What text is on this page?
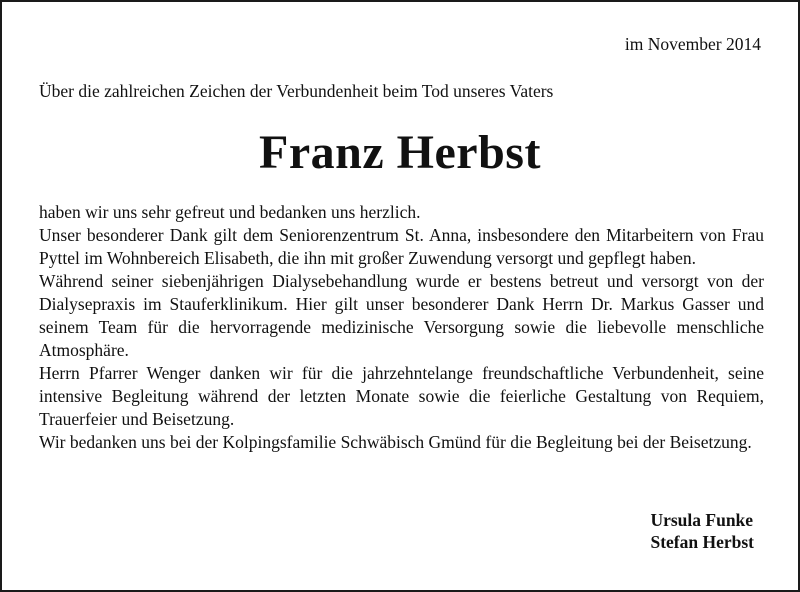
im November 2014
Über die zahlreichen Zeichen der Verbundenheit beim Tod unseres Vaters
Franz Herbst

haben wir uns sehr gefreut und bedanken uns herzlich.

Unser besonderer Dank gilt dem Seniorenzentrum St. Anna, insbesondere den Mitarbeitern von Frau Pyttel im Wohnbereich Elisabeth, die ihn mit großer Zuwendung versorgt und gepflegt haben.

Während seiner siebenjährigen Dialysebehandlung wurde er bestens betreut und versorgt von der Dialysepraxis im Stauferklinikum. Hier gilt unser besonderer Dank Herrn Dr. Markus Gasser und seinem Team für die hervorragende medizinische Versorgung sowie die liebevolle menschliche Atmosphäre.

Herrn Pfarrer Wenger danken wir für die jahrzehntelange freundschaftliche Verbundenheit, seine intensive Begleitung während der letzten Monate sowie die feierliche Gestaltung von Requiem, Trauerfeier und Beisetzung.

Wir bedanken uns bei der Kolpingsfamilie Schwäbisch Gmünd für die Begleitung bei der Beisetzung.

Ursula Funke
Stefan Herbst
